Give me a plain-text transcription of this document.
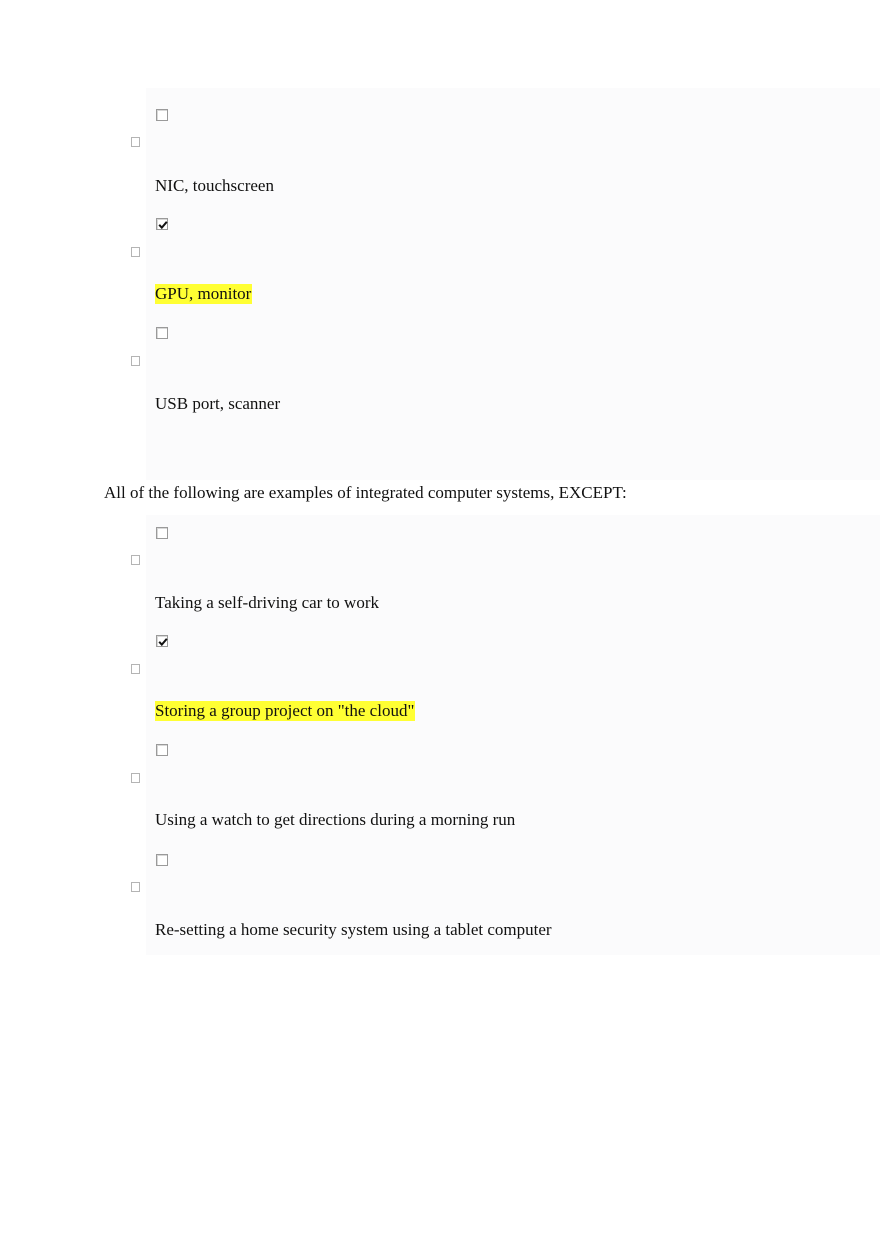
NIC, touchscreen
GPU, monitor
USB port, scanner
All of the following are examples of integrated computer systems, EXCEPT:
Taking a self-driving car to work
Storing a group project on "the cloud"
Using a watch to get directions during a morning run
Re-setting a home security system using a tablet computer
